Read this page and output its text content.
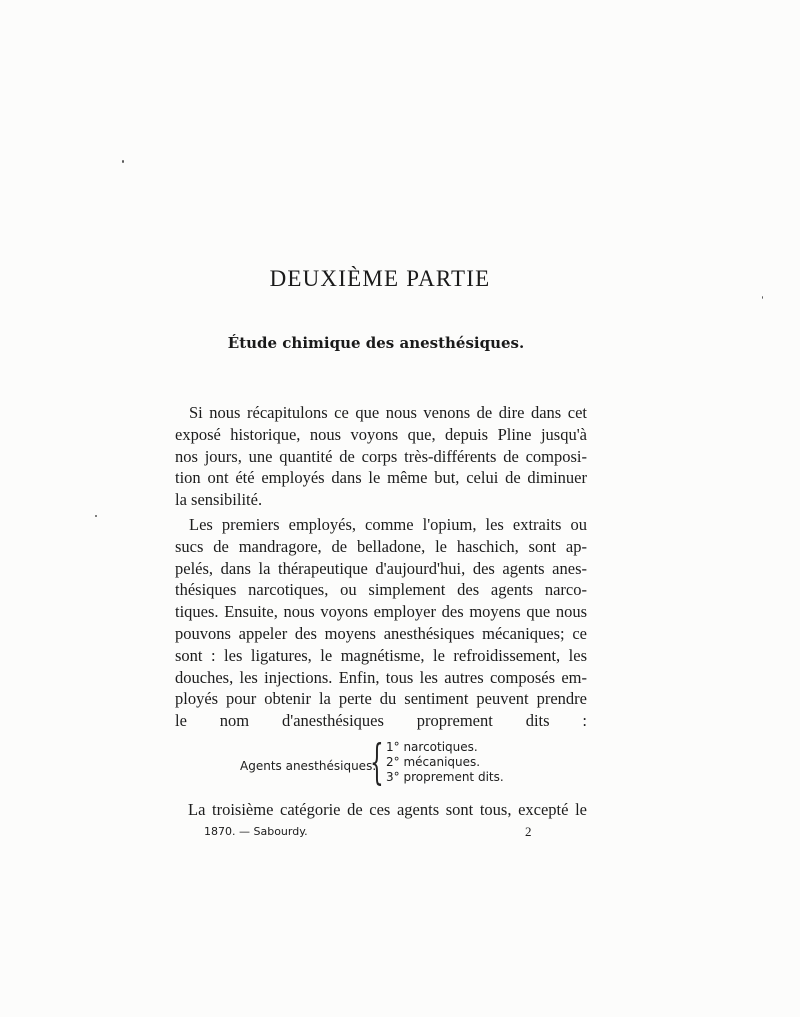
DEUXIÈME PARTIE
Étude chimique des anesthésiques.
Si nous récapitulons ce que nous venons de dire dans cet
exposé historique, nous voyons que, depuis Pline jusqu'à
nos jours, une quantité de corps très-différents de composi-
tion ont été employés dans le même but, celui de diminuer
la sensibilité.
Les premiers employés, comme l'opium, les extraits ou
sucs de mandragore, de belladone, le haschich, sont ap-
pelés, dans la thérapeutique d'aujourd'hui, des agents anes-
thésiques narcotiques, ou simplement des agents narco-
tiques. Ensuite, nous voyons employer des moyens que nous
pouvons appeler des moyens anesthésiques mécaniques; ce
sont : les ligatures, le magnétisme, le refroidissement, les
douches, les injections. Enfin, tous les autres composés em-
ployés pour obtenir la perte du sentiment peuvent prendre
le nom d'anesthésiques proprement dits :
Agents anesthésiques.
{ 1° narcotiques.
2° mécaniques.
3° proprement dits.
La troisième catégorie de ces agents sont tous, excepté le
1870. — Sabourdy.	2
